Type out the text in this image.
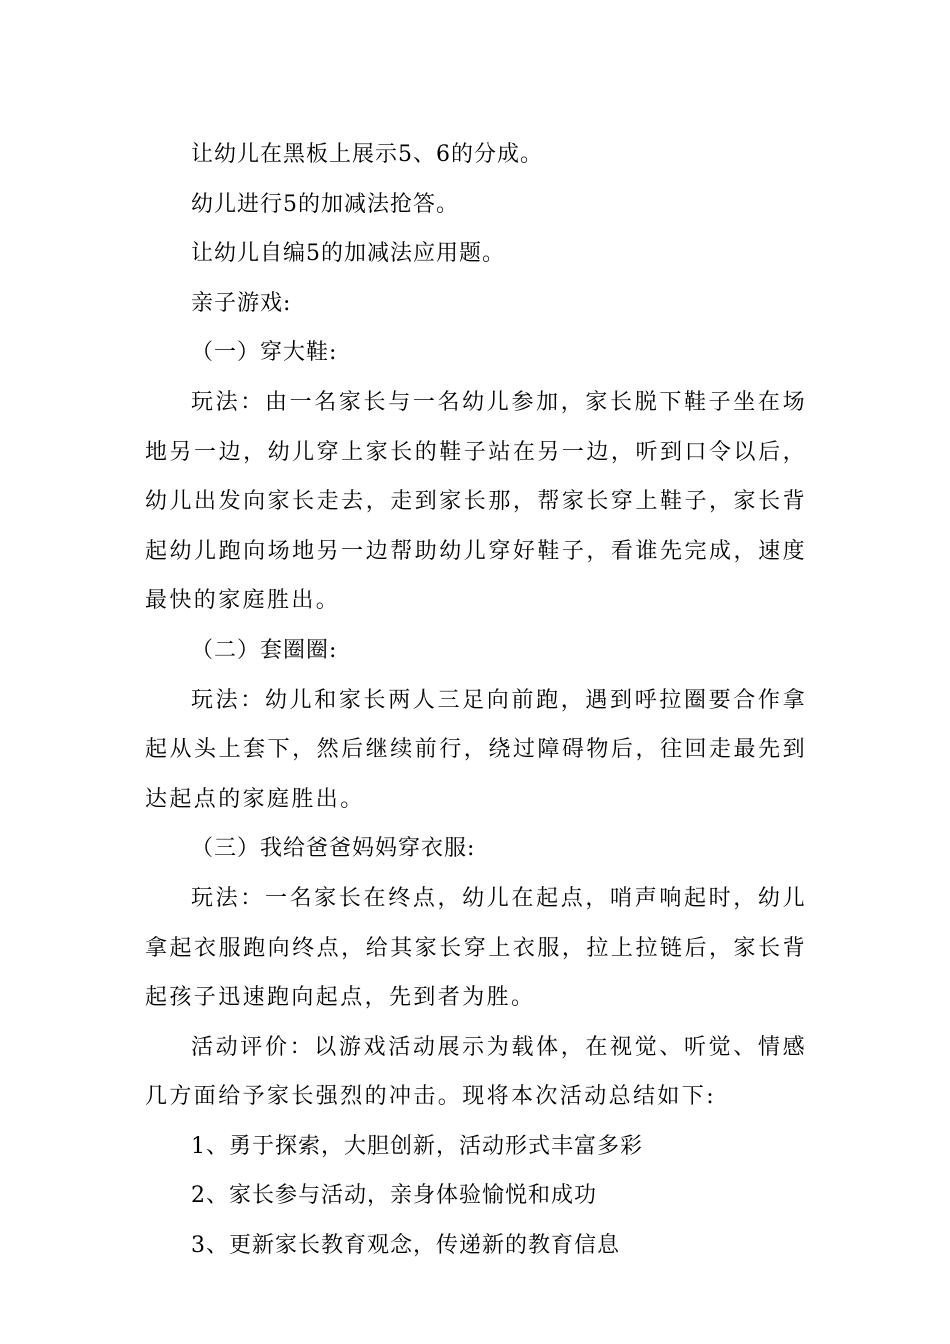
让幼儿在黑板上展示5、6的分成。

幼儿进行5的加减法抢答。

让幼儿自编5的加减法应用题。

亲子游戏:

（一）穿大鞋:

玩法：由一名家长与一名幼儿参加，家长脱下鞋子坐在场地另一边，幼儿穿上家长的鞋子站在另一边，听到口令以后，幼儿出发向家长走去，走到家长那，帮家长穿上鞋子，家长背起幼儿跑向场地另一边帮助幼儿穿好鞋子，看谁先完成，速度最快的家庭胜出。

（二）套圈圈:

玩法：幼儿和家长两人三足向前跑，遇到呼拉圈要合作拿起从头上套下，然后继续前行，绕过障碍物后，往回走最先到达起点的家庭胜出。

（三）我给爸爸妈妈穿衣服:

玩法：一名家长在终点，幼儿在起点，哨声响起时，幼儿拿起衣服跑向终点，给其家长穿上衣服，拉上拉链后，家长背起孩子迅速跑向起点，先到者为胜。

活动评价：以游戏活动展示为载体，在视觉、听觉、情感几方面给予家长强烈的冲击。现将本次活动总结如下:

1、勇于探索，大胆创新，活动形式丰富多彩

2、家长参与活动，亲身体验愉悦和成功

3、更新家长教育观念，传递新的教育信息
